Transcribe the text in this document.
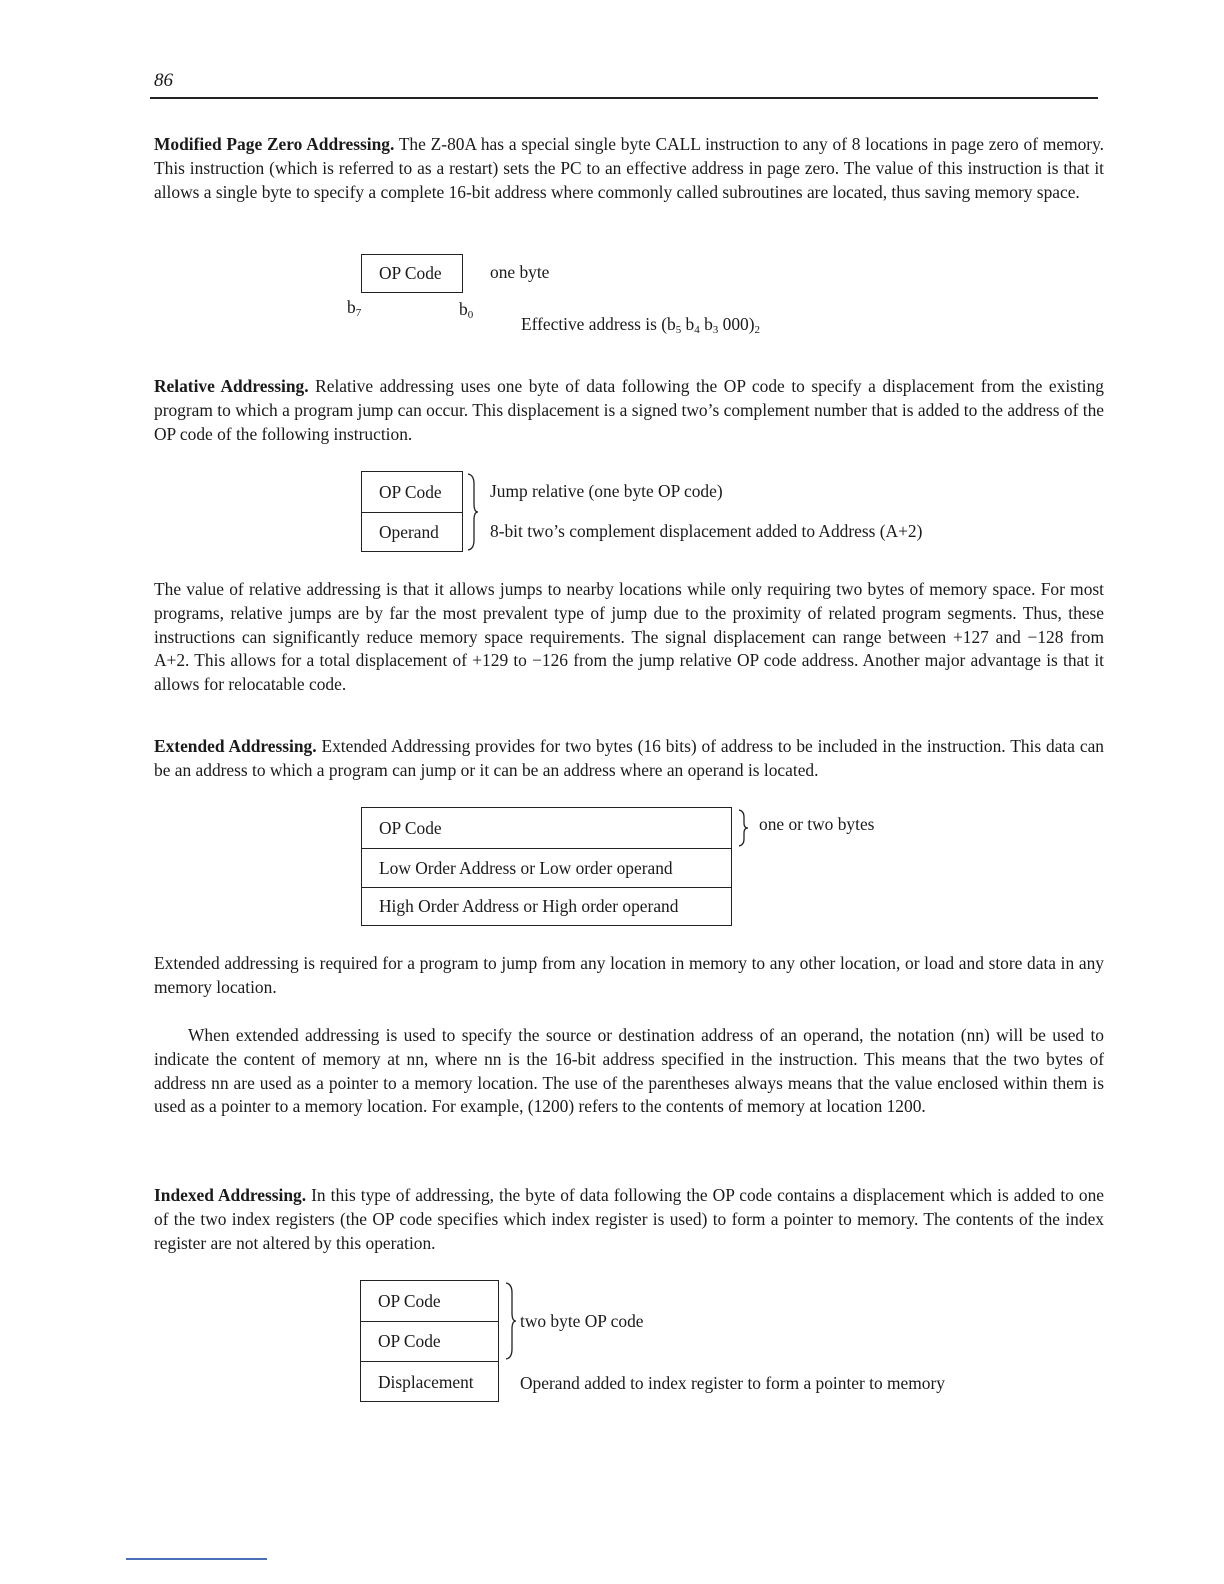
86

Modified Page Zero Addressing. The Z-80A has a special single byte CALL instruction to any of 8 locations in page zero of memory. This instruction (which is referred to as a restart) sets the PC to an effective address in page zero. The value of this instruction is that it allows a single byte to specify a complete 16-bit address where commonly called subroutines are located, thus saving memory space.

OP Code	one byte
$b_7$	$b_0$	Effective address is ($b_5$ $b_4$ $b_3$ $000)_2$

Relative Addressing. Relative addressing uses one byte of data following the OP code to specify a displacement from the existing program to which a program jump can occur. This displacement is a signed two’s complement number that is added to the address of the OP code of the following instruction.

OP Code
Operand
Jump relative (one byte OP code)
8-bit two’s complement displacement added to Address (A+2)

The value of relative addressing is that it allows jumps to nearby locations while only requiring two bytes of memory space. For most programs, relative jumps are by far the most prevalent type of jump due to the proximity of related program segments. Thus, these instructions can significantly reduce memory space requirements. The signal displacement can range between +127 and −128 from A+2. This allows for a total displacement of +129 to −126 from the jump relative OP code address. Another major advantage is that it allows for relocatable code.

Extended Addressing. Extended Addressing provides for two bytes (16 bits) of address to be included in the instruction. This data can be an address to which a program can jump or it can be an address where an operand is located.

OP Code
Low Order Address or Low order operand
High Order Address or High order operand
one or two bytes

Extended addressing is required for a program to jump from any location in memory to any other location, or load and store data in any memory location.

When extended addressing is used to specify the source or destination address of an operand, the notation (nn) will be used to indicate the content of memory at nn, where nn is the 16-bit address specified in the instruction. This means that the two bytes of address nn are used as a pointer to a memory location. The use of the parentheses always means that the value enclosed within them is used as a pointer to a memory location. For example, (1200) refers to the contents of memory at location 1200.

Indexed Addressing. In this type of addressing, the byte of data following the OP code contains a displacement which is added to one of the two index registers (the OP code specifies which index register is used) to form a pointer to memory. The contents of the index register are not altered by this operation.

OP Code
OP Code
Displacement
two byte OP code
Operand added to index register to form a pointer to memory
